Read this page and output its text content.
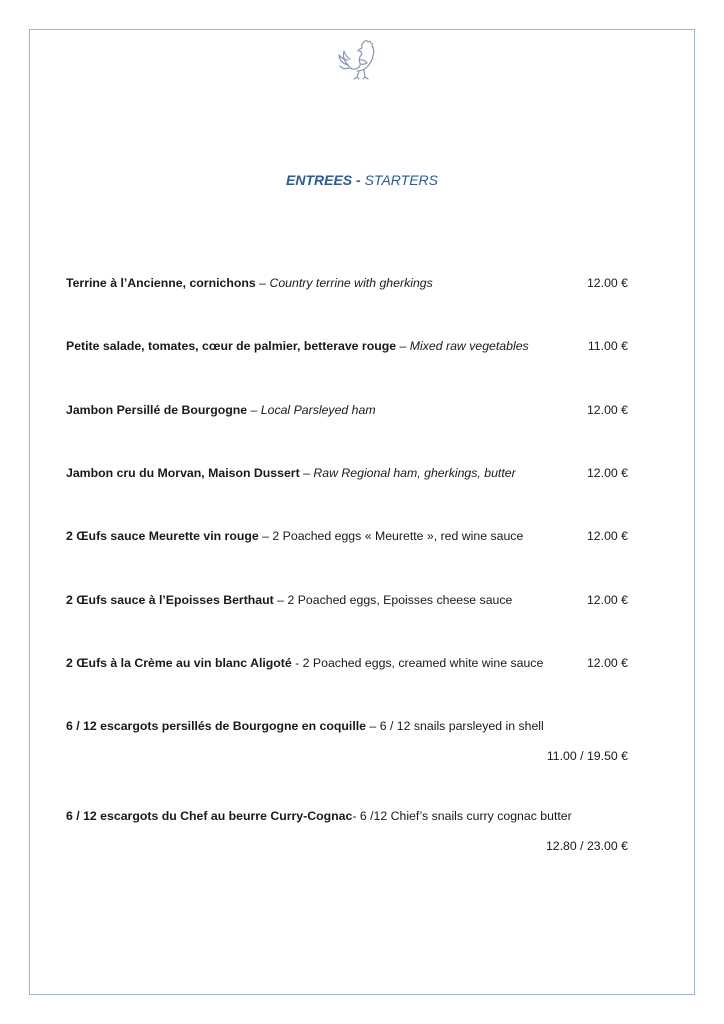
ENTREES - STARTERS
Terrine à l’Ancienne, cornichons – Country terrine with gherkings	12.00 €
Petite salade, tomates, cœur de palmier, betterave rouge – Mixed raw vegetables	11.00 €
Jambon Persillé de Bourgogne – Local Parsleyed ham	12.00 €
Jambon cru du Morvan, Maison Dussert – Raw Regional ham, gherkings, butter	12.00 €
2 Œufs sauce Meurette vin rouge – 2 Poached eggs « Meurette », red wine sauce	12.00 €
2 Œufs sauce à l’Epoisses Berthaut – 2 Poached eggs, Epoisses cheese sauce	12.00 €
2 Œufs à la Crème au vin blanc Aligoté - 2 Poached eggs, creamed white wine sauce	12.00 €
6 / 12 escargots persillés de Bourgogne en coquille – 6 / 12 snails parsleyed in shell
11.00 / 19.50 €
6 / 12 escargots du Chef au beurre Curry-Cognac- 6 /12 Chief’s snails curry cognac butter
12.80 / 23.00 €
